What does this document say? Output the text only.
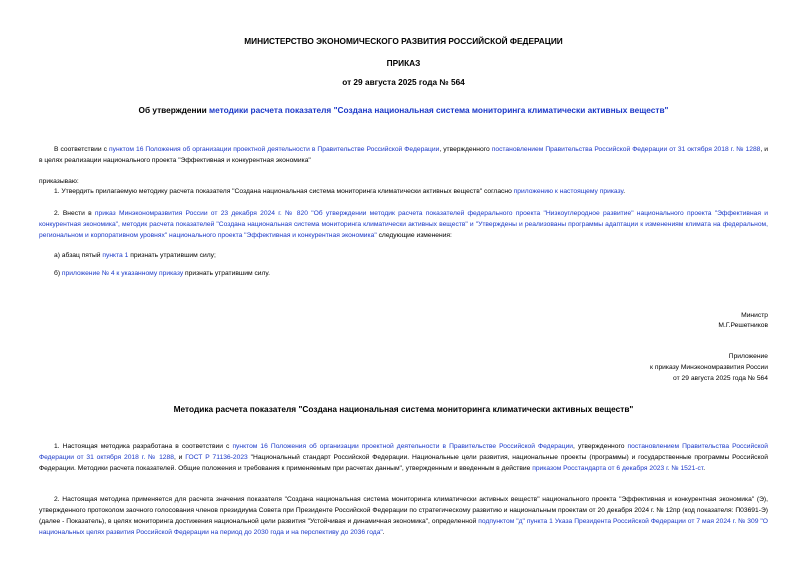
МИНИСТЕРСТВО ЭКОНОМИЧЕСКОГО РАЗВИТИЯ РОССИЙСКОЙ ФЕДЕРАЦИИ
ПРИКАЗ
от 29 августа 2025 года № 564
Об утверждении методики расчета показателя "Создана национальная система мониторинга климатически активных веществ"
В соответствии с пунктом 16 Положения об организации проектной деятельности в Правительстве Российской Федерации, утвержденного постановлением Правительства Российской Федерации от 31 октября 2018 г. № 1288, и в целях реализации национального проекта "Эффективная и конкурентная экономика"
приказываю:
1. Утвердить прилагаемую методику расчета показателя "Создана национальная система мониторинга климатически активных веществ" согласно приложению к настоящему приказу.
2. Внести в приказ Минэкономразвития России от 23 декабря 2024 г. № 820 "Об утверждении методик расчета показателей федерального проекта "Низкоуглеродное развитие" национального проекта "Эффективная и конкурентная экономика", методик расчета показателей "Создана национальная система мониторинга климатически активных веществ" и "Утверждены и реализованы программы адаптации к изменениям климата на федеральном, региональном и корпоративном уровнях" национального проекта "Эффективная и конкурентная экономика" следующие изменения:
а) абзац пятый пункта 1 признать утратившим силу;
б) приложение № 4 к указанному приказу признать утратившим силу.
Министр
М.Г.Решетников
Приложение
к приказу Минэкономразвития России
от 29 августа 2025 года № 564
Методика расчета показателя "Создана национальная система мониторинга климатически активных веществ"
1. Настоящая методика разработана в соответствии с пунктом 16 Положения об организации проектной деятельности в Правительстве Российской Федерации, утвержденного постановлением Правительства Российской Федерации от 31 октября 2018 г. № 1288, и ГОСТ Р 71136-2023 "Национальный стандарт Российской Федерации. Национальные цели развития, национальные проекты (программы) и государственные программы Российской Федерации. Методики расчета показателей. Общие положения и требования к применяемым при расчетах данным", утвержденным и введенным в действие приказом Росстандарта от 6 декабря 2023 г. № 1521-ст.
2. Настоящая методика применяется для расчета значения показателя "Создана национальная система мониторинга климатически активных веществ" национального проекта "Эффективная и конкурентная экономика" (Э), утвержденного протоколом заочного голосования членов президиума Совета при Президенте Российской Федерации по стратегическому развитию и национальным проектам от 20 декабря 2024 г. № 12пр (код показателя: П03691-Э) (далее - Показатель), в целях мониторинга достижения национальной цели развития "Устойчивая и динамичная экономика", определенной подпунктом "д" пункта 1 Указа Президента Российской Федерации от 7 мая 2024 г. № 309 "О национальных целях развития Российской Федерации на период до 2030 года и на перспективу до 2036 года".
